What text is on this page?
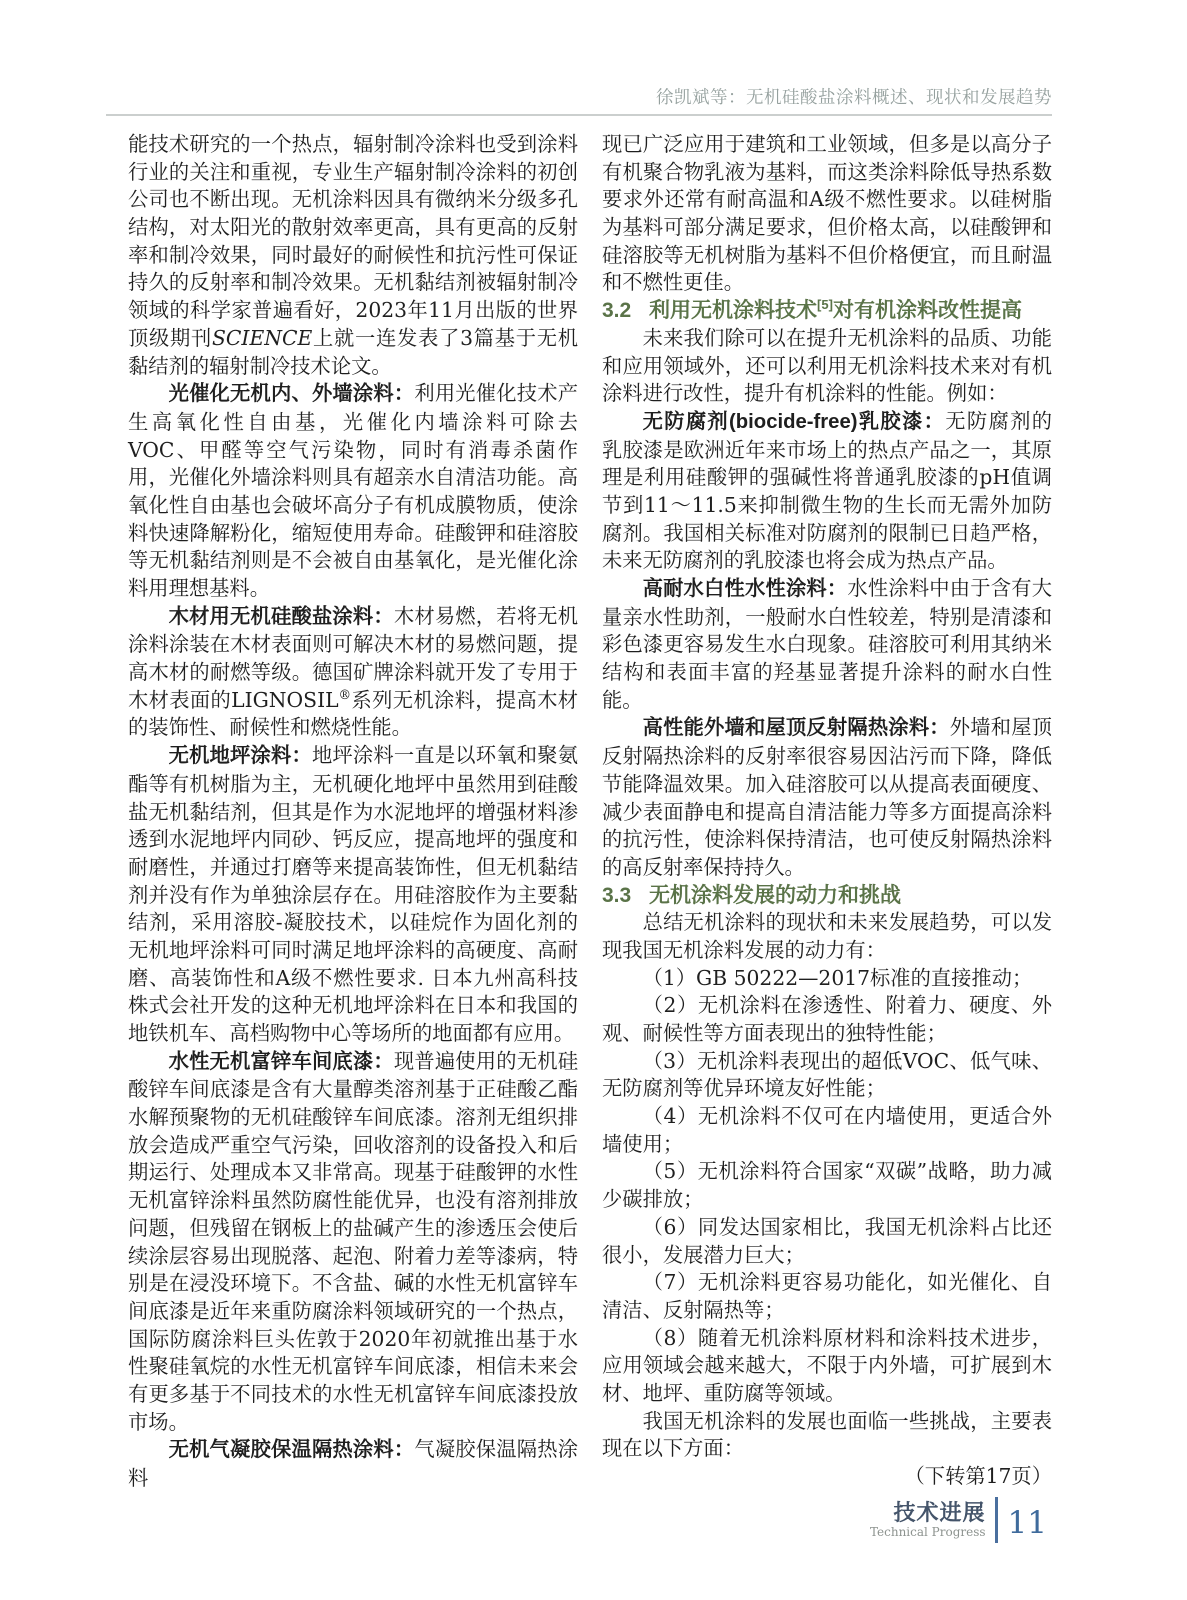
徐凯斌等：无机硅酸盐涂料概述、现状和发展趋势

能技术研究的一个热点，辐射制冷涂料也受到涂料行业的关注和重视，专业生产辐射制冷涂料的初创公司也不断出现。无机涂料因具有微纳米分级多孔结构，对太阳光的散射效率更高，具有更高的反射率和制冷效果，同时最好的耐候性和抗污性可保证持久的反射率和制冷效果。无机黏结剂被辐射制冷领域的科学家普遍看好，2023年11月出版的世界顶级期刊SCIENCE上就一连发表了3篇基于无机黏结剂的辐射制冷技术论文。

光催化无机内、外墙涂料：利用光催化技术产生高氧化性自由基，光催化内墙涂料可除去VOC、甲醛等空气污染物，同时有消毒杀菌作用，光催化外墙涂料则具有超亲水自清洁功能。高氧化性自由基也会破坏高分子有机成膜物质，使涂料快速降解粉化，缩短使用寿命。硅酸钾和硅溶胶等无机黏结剂则是不会被自由基氧化，是光催化涂料用理想基料。

木材用无机硅酸盐涂料：木材易燃，若将无机涂料涂装在木材表面则可解决木材的易燃问题，提高木材的耐燃等级。德国矿牌涂料就开发了专用于木材表面的LIGNOSIL®系列无机涂料，提高木材的装饰性、耐候性和燃烧性能。

无机地坪涂料：地坪涂料一直是以环氧和聚氨酯等有机树脂为主，无机硬化地坪中虽然用到硅酸盐无机黏结剂，但其是作为水泥地坪的增强材料渗透到水泥地坪内同砂、钙反应，提高地坪的强度和耐磨性，并通过打磨等来提高装饰性，但无机黏结剂并没有作为单独涂层存在。用硅溶胶作为主要黏结剂，采用溶胶-凝胶技术，以硅烷作为固化剂的无机地坪涂料可同时满足地坪涂料的高硬度、高耐磨、高装饰性和A级不燃性要求. 日本九州高科技株式会社开发的这种无机地坪涂料在日本和我国的地铁机车、高档购物中心等场所的地面都有应用。

水性无机富锌车间底漆：现普遍使用的无机硅酸锌车间底漆是含有大量醇类溶剂基于正硅酸乙酯水解预聚物的无机硅酸锌车间底漆。溶剂无组织排放会造成严重空气污染，回收溶剂的设备投入和后期运行、处理成本又非常高。现基于硅酸钾的水性无机富锌涂料虽然防腐性能优异，也没有溶剂排放问题，但残留在钢板上的盐碱产生的渗透压会使后续涂层容易出现脱落、起泡、附着力差等漆病，特别是在浸没环境下。不含盐、碱的水性无机富锌车间底漆是近年来重防腐涂料领域研究的一个热点，国际防腐涂料巨头佐敦于2020年初就推出基于水性聚硅氧烷的水性无机富锌车间底漆，相信未来会有更多基于不同技术的水性无机富锌车间底漆投放市场。

无机气凝胶保温隔热涂料：气凝胶保温隔热涂料

现已广泛应用于建筑和工业领域，但多是以高分子有机聚合物乳液为基料，而这类涂料除低导热系数要求外还常有耐高温和A级不燃性要求。以硅树脂为基料可部分满足要求，但价格太高，以硅酸钾和硅溶胶等无机树脂为基料不但价格便宜，而且耐温和不燃性更佳。

3.2 利用无机涂料技术[5]对有机涂料改性提高

未来我们除可以在提升无机涂料的品质、功能和应用领域外，还可以利用无机涂料技术来对有机涂料进行改性，提升有机涂料的性能。例如：

无防腐剂(biocide-free)乳胶漆：无防腐剂的乳胶漆是欧洲近年来市场上的热点产品之一，其原理是利用硅酸钾的强碱性将普通乳胶漆的pH值调节到11～11.5来抑制微生物的生长而无需外加防腐剂。我国相关标准对防腐剂的限制已日趋严格，未来无防腐剂的乳胶漆也将会成为热点产品。

高耐水白性水性涂料：水性涂料中由于含有大量亲水性助剂，一般耐水白性较差，特别是清漆和彩色漆更容易发生水白现象。硅溶胶可利用其纳米结构和表面丰富的羟基显著提升涂料的耐水白性能。

高性能外墙和屋顶反射隔热涂料：外墙和屋顶反射隔热涂料的反射率很容易因沾污而下降，降低节能降温效果。加入硅溶胶可以从提高表面硬度、减少表面静电和提高自清洁能力等多方面提高涂料的抗污性，使涂料保持清洁，也可使反射隔热涂料的高反射率保持持久。

3.3 无机涂料发展的动力和挑战

总结无机涂料的现状和未来发展趋势，可以发现我国无机涂料发展的动力有：

（1）GB 50222—2017标准的直接推动；

（2）无机涂料在渗透性、附着力、硬度、外观、耐候性等方面表现出的独特性能；

（3）无机涂料表现出的超低VOC、低气味、无防腐剂等优异环境友好性能；

（4）无机涂料不仅可在内墙使用，更适合外墙使用；

（5）无机涂料符合国家“双碳”战略，助力减少碳排放；

（6）同发达国家相比，我国无机涂料占比还很小，发展潜力巨大；

（7）无机涂料更容易功能化，如光催化、自清洁、反射隔热等；

（8）随着无机涂料原材料和涂料技术进步，应用领域会越来越大，不限于内外墙，可扩展到木材、地坪、重防腐等领域。

我国无机涂料的发展也面临一些挑战，主要表现在以下方面：

（下转第17页）

技术进展
Technical Progress 11
